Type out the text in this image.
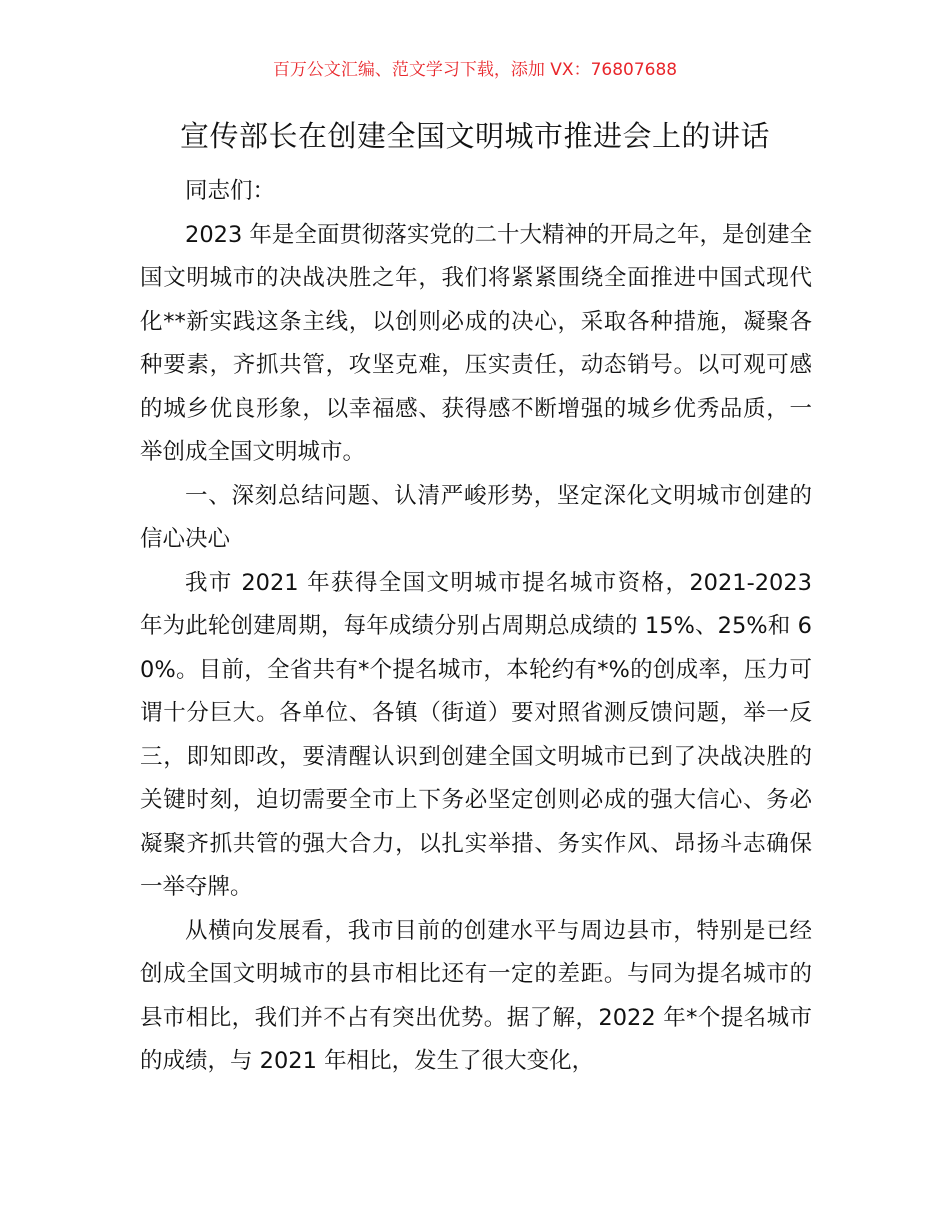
百万公文汇编、范文学习下载，添加 VX：76807688
宣传部长在创建全国文明城市推进会上的讲话

同志们：

2023 年是全面贯彻落实党的二十大精神的开局之年，是创建全国文明城市的决战决胜之年，我们将紧紧围绕全面推进中国式现代化**新实践这条主线，以创则必成的决心，采取各种措施，凝聚各种要素，齐抓共管，攻坚克难，压实责任，动态销号。以可观可感的城乡优良形象，以幸福感、获得感不断增强的城乡优秀品质，一举创成全国文明城市。

一、深刻总结问题、认清严峻形势，坚定深化文明城市创建的信心决心

我市 2021 年获得全国文明城市提名城市资格，2021-2023 年为此轮创建周期，每年成绩分别占周期总成绩的 15%、25%和 60%。目前，全省共有*个提名城市，本轮约有*%的创成率，压力可谓十分巨大。各单位、各镇（街道）要对照省测反馈问题，举一反三，即知即改，要清醒认识到创建全国文明城市已到了决战决胜的关键时刻，迫切需要全市上下务必坚定创则必成的强大信心、务必凝聚齐抓共管的强大合力，以扎实举措、务实作风、昂扬斗志确保一举夺牌。

从横向发展看，我市目前的创建水平与周边县市，特别是已经创成全国文明城市的县市相比还有一定的差距。与同为提名城市的县市相比，我们并不占有突出优势。据了解，2022 年*个提名城市的成绩，与 2021 年相比，发生了很大变化，
